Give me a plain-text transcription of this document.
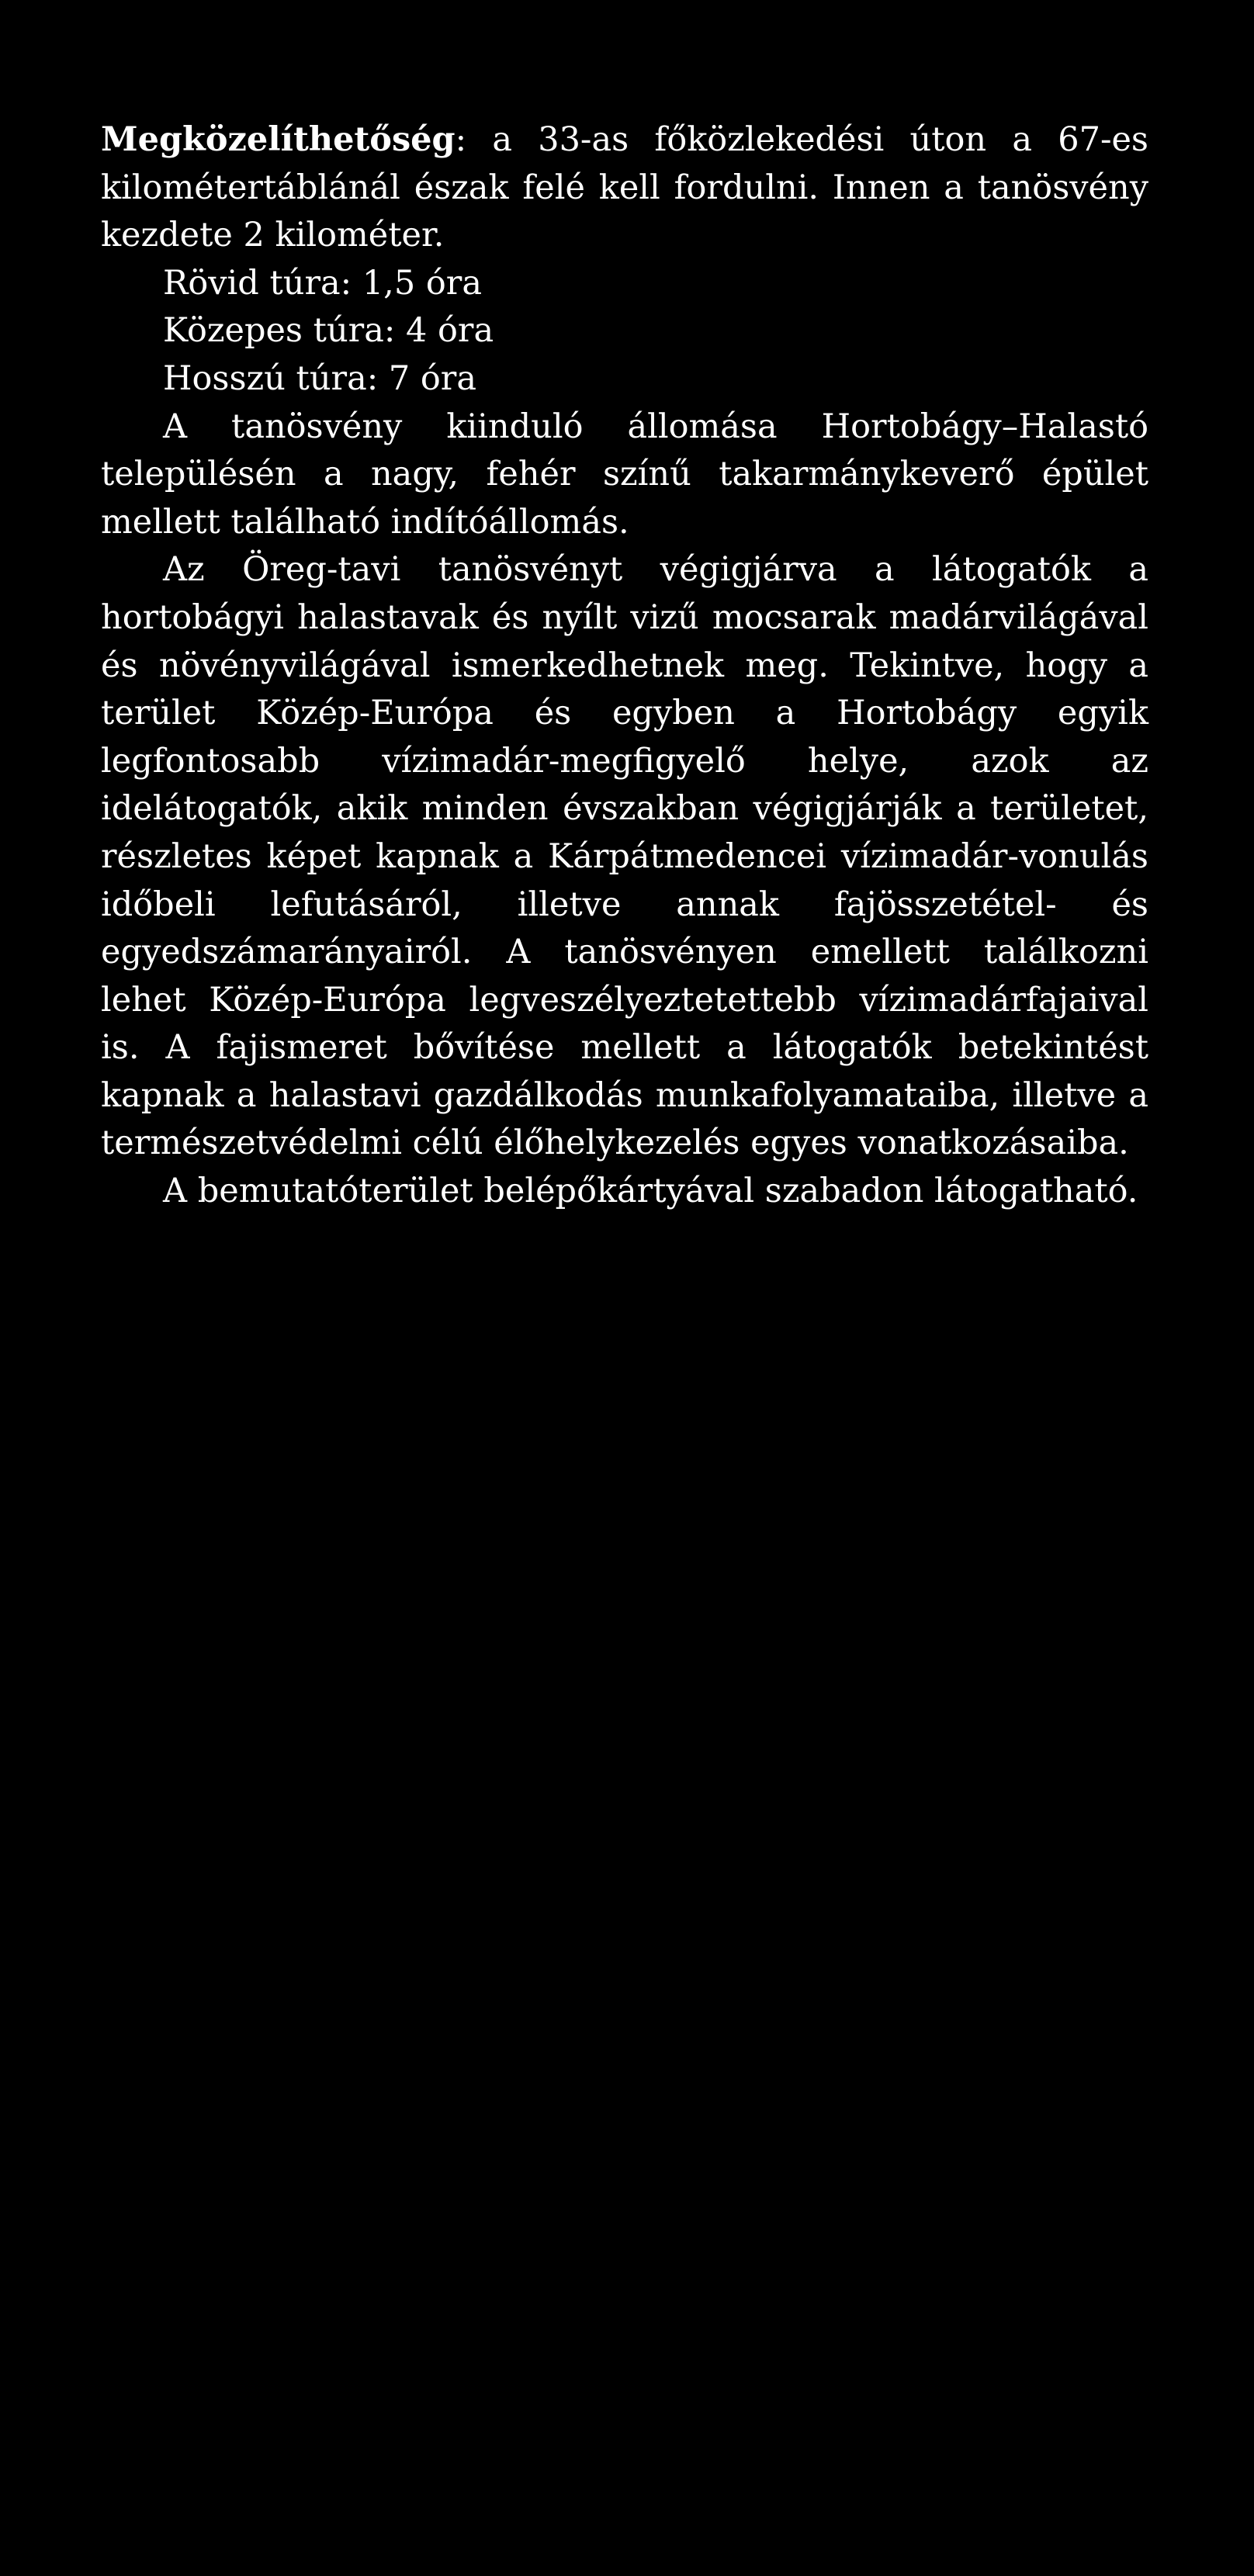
Megközelíthetőség: a 33-as főközlekedési úton a 67-es kilométertáblánál észak felé kell fordulni. Innen a tanösvény kezdete 2 kilométer.

Rövid túra: 1,5 óra

Közepes túra: 4 óra

Hosszú túra: 7 óra

A tanösvény kiinduló állomása Hortobágy–Halastó településén a nagy, fehér színű takarmánykeverő épület mellett található indítóállomás.

Az Öreg-tavi tanösvényt végigjárva a látogatók a hortobágyi halastavak és nyílt vizű mocsarak madárvilágával és növényvilágával ismerkedhetnek meg. Tekintve, hogy a terület Közép-Európa és egyben a Hortobágy egyik legfontosabb vízimadár-megfigyelő helye, azok az idelátogatók, akik minden évszakban végigjárják a területet, részletes képet kapnak a Kárpátmedencei vízimadár-vonulás időbeli lefutásáról, illetve annak fajösszetétel- és egyedszámarányairól. A tanösvényen emellett találkozni lehet Közép-Európa legveszélyeztetettebb vízimadárfajaival is. A fajismeret bővítése mellett a látogatók betekintést kapnak a halastavi gazdálkodás munkafolyamataiba, illetve a természetvédelmi célú élőhelykezelés egyes vonatkozásaiba.

A bemutatóterület belépőkártyával szabadon látogatható.
